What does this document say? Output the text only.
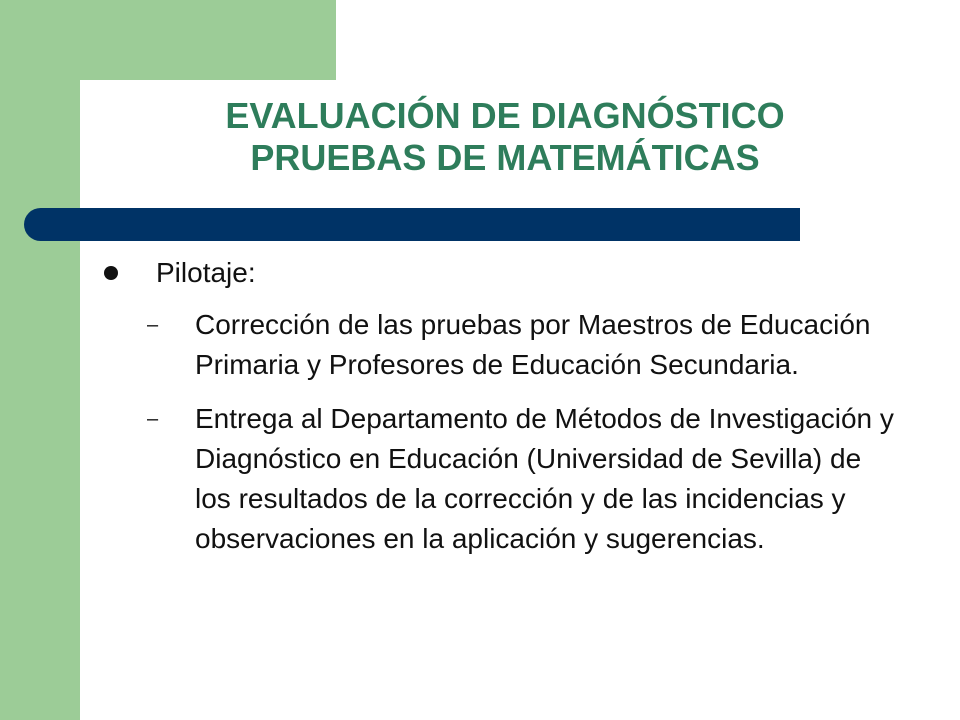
EVALUACIÓN DE DIAGNÓSTICO
PRUEBAS DE MATEMÁTICAS
Pilotaje:
– Corrección de las pruebas por Maestros de Educación Primaria y Profesores de Educación Secundaria.
– Entrega al Departamento de Métodos de Investigación y Diagnóstico en Educación (Universidad de Sevilla) de los resultados de la corrección y de las incidencias y observaciones en la aplicación y sugerencias.
